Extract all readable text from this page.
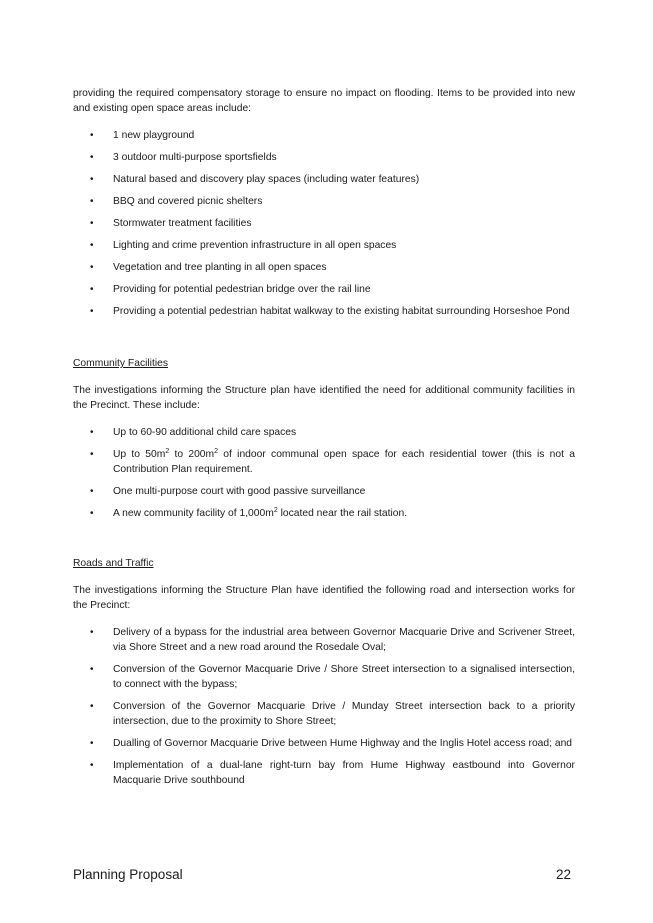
providing the required compensatory storage to ensure no impact on flooding. Items to be provided into new and existing open space areas include:

• 1 new playground
• 3 outdoor multi-purpose sportsfields
• Natural based and discovery play spaces (including water features)
• BBQ and covered picnic shelters
• Stormwater treatment facilities
• Lighting and crime prevention infrastructure in all open spaces
• Vegetation and tree planting in all open spaces
• Providing for potential pedestrian bridge over the rail line
• Providing a potential pedestrian habitat walkway to the existing habitat surrounding Horseshoe Pond

Community Facilities

The investigations informing the Structure plan have identified the need for additional community facilities in the Precinct. These include:

• Up to 60-90 additional child care spaces
• Up to $50m^2$ to $200m^2$ of indoor communal open space for each residential tower (this is not a Contribution Plan requirement.
• One multi-purpose court with good passive surveillance
• A new community facility of $1,000m^2$ located near the rail station.

Roads and Traffic

The investigations informing the Structure Plan have identified the following road and intersection works for the Precinct:

• Delivery of a bypass for the industrial area between Governor Macquarie Drive and Scrivener Street, via Shore Street and a new road around the Rosedale Oval;
• Conversion of the Governor Macquarie Drive / Shore Street intersection to a signalised intersection, to connect with the bypass;
• Conversion of the Governor Macquarie Drive / Munday Street intersection back to a priority intersection, due to the proximity to Shore Street;
• Dualling of Governor Macquarie Drive between Hume Highway and the Inglis Hotel access road; and
• Implementation of a dual-lane right-turn bay from Hume Highway eastbound into Governor Macquarie Drive southbound
Planning Proposal	22
